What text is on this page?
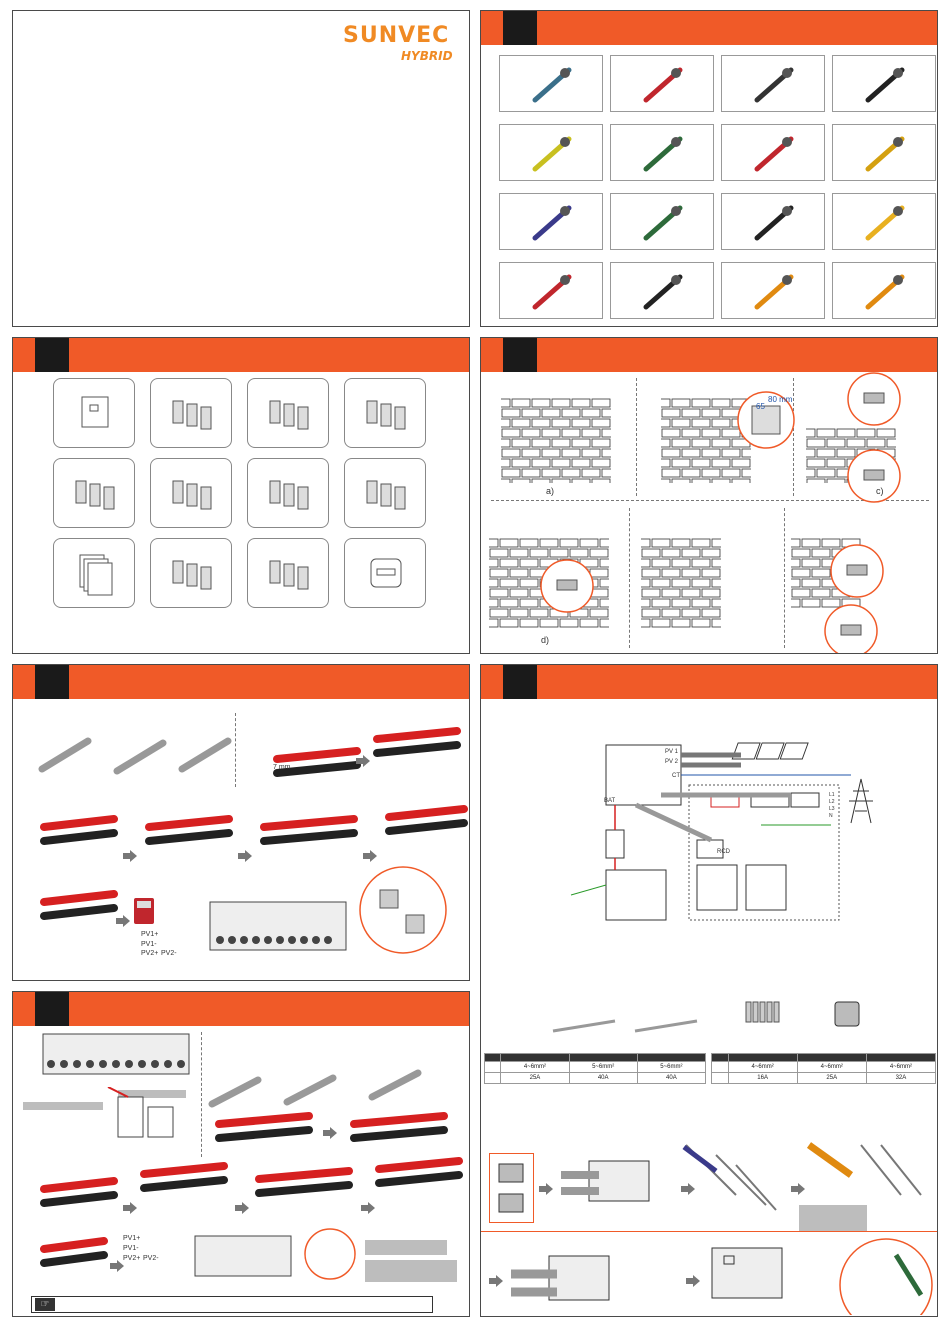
SUNVEC
HYBRID
a)	c)
d)
65
80 mm
7 mm
PV1+
PV1-
PV2+ PV2-
☞
PV1+
PV1-
PV2+ PV2-
PV 1
PV 2
CT
BAT
RCD
L1
L2
L3
N

	4~6mm²	5~6mm²	5~6mm²
	25A	40A	40A

	4~6mm²	4~6mm²	4~6mm²
	16A	25A	32A
